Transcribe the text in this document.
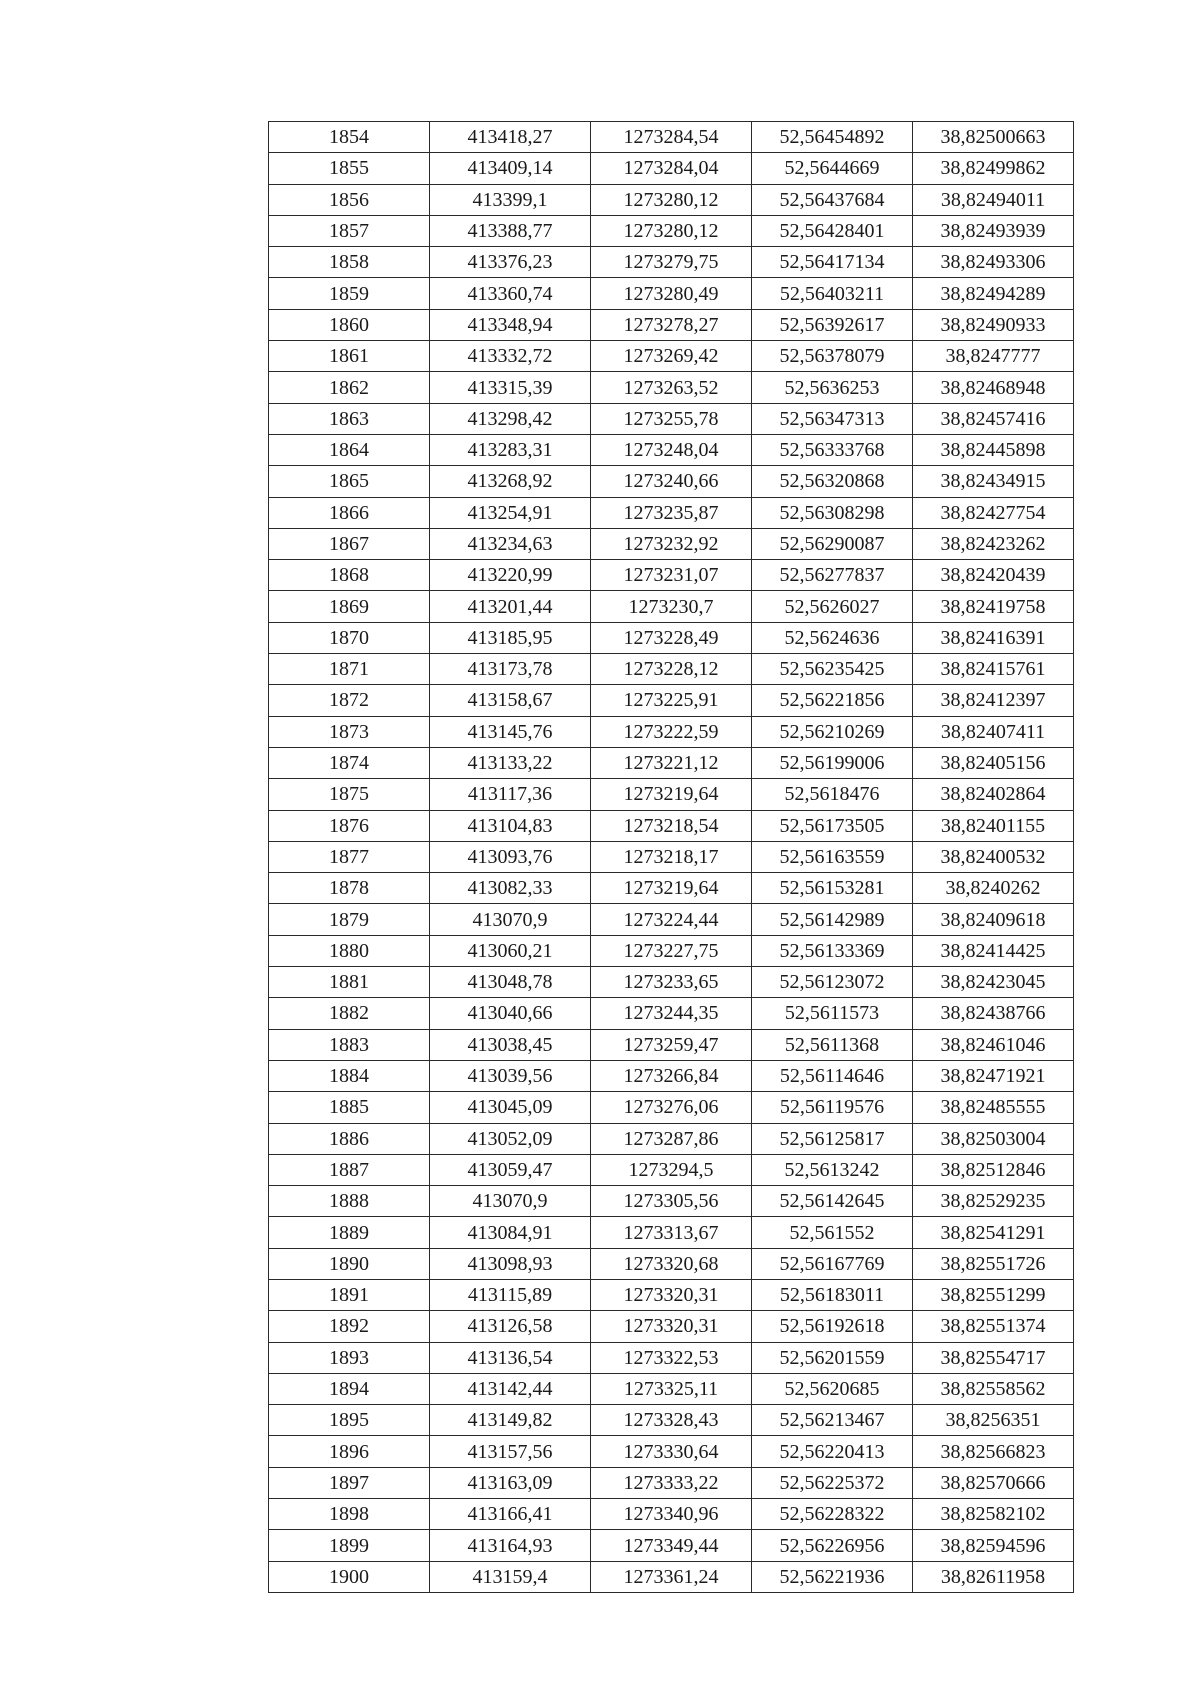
1854	413418,27	1273284,54	52,56454892	38,82500663
1855	413409,14	1273284,04	52,5644669	38,82499862
1856	413399,1	1273280,12	52,56437684	38,82494011
1857	413388,77	1273280,12	52,56428401	38,82493939
1858	413376,23	1273279,75	52,56417134	38,82493306
1859	413360,74	1273280,49	52,56403211	38,82494289
1860	413348,94	1273278,27	52,56392617	38,82490933
1861	413332,72	1273269,42	52,56378079	38,8247777
1862	413315,39	1273263,52	52,5636253	38,82468948
1863	413298,42	1273255,78	52,56347313	38,82457416
1864	413283,31	1273248,04	52,56333768	38,82445898
1865	413268,92	1273240,66	52,56320868	38,82434915
1866	413254,91	1273235,87	52,56308298	38,82427754
1867	413234,63	1273232,92	52,56290087	38,82423262
1868	413220,99	1273231,07	52,56277837	38,82420439
1869	413201,44	1273230,7	52,5626027	38,82419758
1870	413185,95	1273228,49	52,5624636	38,82416391
1871	413173,78	1273228,12	52,56235425	38,82415761
1872	413158,67	1273225,91	52,56221856	38,82412397
1873	413145,76	1273222,59	52,56210269	38,82407411
1874	413133,22	1273221,12	52,56199006	38,82405156
1875	413117,36	1273219,64	52,5618476	38,82402864
1876	413104,83	1273218,54	52,56173505	38,82401155
1877	413093,76	1273218,17	52,56163559	38,82400532
1878	413082,33	1273219,64	52,56153281	38,8240262
1879	413070,9	1273224,44	52,56142989	38,82409618
1880	413060,21	1273227,75	52,56133369	38,82414425
1881	413048,78	1273233,65	52,56123072	38,82423045
1882	413040,66	1273244,35	52,5611573	38,82438766
1883	413038,45	1273259,47	52,5611368	38,82461046
1884	413039,56	1273266,84	52,56114646	38,82471921
1885	413045,09	1273276,06	52,56119576	38,82485555
1886	413052,09	1273287,86	52,56125817	38,82503004
1887	413059,47	1273294,5	52,5613242	38,82512846
1888	413070,9	1273305,56	52,56142645	38,82529235
1889	413084,91	1273313,67	52,561552	38,82541291
1890	413098,93	1273320,68	52,56167769	38,82551726
1891	413115,89	1273320,31	52,56183011	38,82551299
1892	413126,58	1273320,31	52,56192618	38,82551374
1893	413136,54	1273322,53	52,56201559	38,82554717
1894	413142,44	1273325,11	52,5620685	38,82558562
1895	413149,82	1273328,43	52,56213467	38,8256351
1896	413157,56	1273330,64	52,56220413	38,82566823
1897	413163,09	1273333,22	52,56225372	38,82570666
1898	413166,41	1273340,96	52,56228322	38,82582102
1899	413164,93	1273349,44	52,56226956	38,82594596
1900	413159,4	1273361,24	52,56221936	38,82611958
